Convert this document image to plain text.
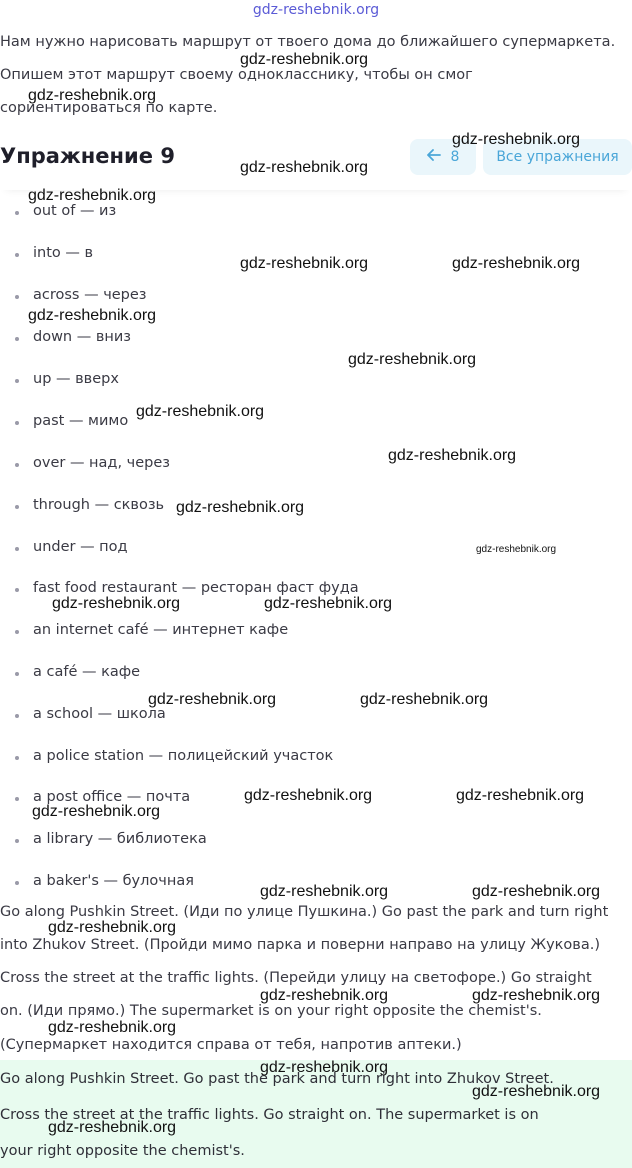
gdz-reshebnik.org
Нам нужно нарисовать маршрут от твоего дома до ближайшего супермаркета.
Опишем этот маршрут своему однокласснику, чтобы он смог
сориентироваться по карте.
Упражнение 9	8	Все упражнения
out of — из
into — в
across — через
down — вниз
up — вверх
past — мимо
over — над, через
through — сквозь
under — под
fast food restaurant — ресторан фаст фуда
an internet café — интернет кафе
a café — кафе
a school — школа
a police station — полицейский участок
a post office — почта
a library — библиотека
a baker's — булочная
Go along Pushkin Street. (Иди по улице Пушкина.) Go past the park and turn right
into Zhukov Street. (Пройди мимо парка и поверни направо на улицу Жукова.)
Cross the street at the traffic lights. (Перейди улицу на светофоре.) Go straight
on. (Иди прямо.) The supermarket is on your right opposite the chemist's.
(Супермаркет находится справа от тебя, напротив аптеки.)
Go along Pushkin Street. Go past the park and turn right into Zhukov Street.
Cross the street at the traffic lights. Go straight on. The supermarket is on
your right opposite the chemist's.
gdz-reshebnik.org
gdz-reshebnik.org
gdz-reshebnik.org
gdz-reshebnik.org
gdz-reshebnik.org
gdz-reshebnik.org	gdz-reshebnik.org
gdz-reshebnik.org
gdz-reshebnik.org
gdz-reshebnik.org
gdz-reshebnik.org
gdz-reshebnik.org
gdz-reshebnik.org
gdz-reshebnik.org	gdz-reshebnik.org
gdz-reshebnik.org	gdz-reshebnik.org
gdz-reshebnik.org	gdz-reshebnik.org
gdz-reshebnik.org
gdz-reshebnik.org	gdz-reshebnik.org
gdz-reshebnik.org
gdz-reshebnik.org	gdz-reshebnik.org
gdz-reshebnik.org
gdz-reshebnik.org
gdz-reshebnik.org
gdz-reshebnik.org
